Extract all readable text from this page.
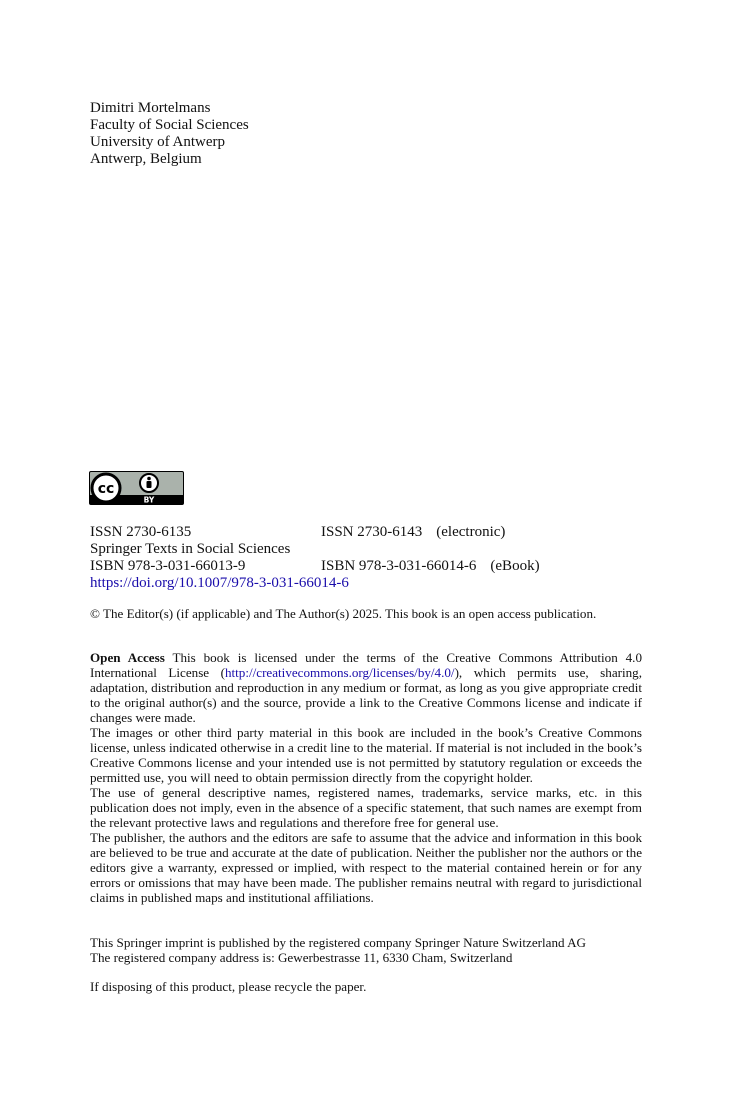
Dimitri Mortelmans
Faculty of Social Sciences
University of Antwerp
Antwerp, Belgium
cc
BY
ISSN 2730-6135	ISSN 2730-6143 (electronic)
Springer Texts in Social Sciences
ISBN 978-3-031-66013-9	ISBN 978-3-031-66014-6 (eBook)
https://doi.org/10.1007/978-3-031-66014-6

© The Editor(s) (if applicable) and The Author(s) 2025. This book is an open access publication.

Open Access This book is licensed under the terms of the Creative Commons Attribution 4.0 International License (http://creativecommons.org/licenses/by/4.0/), which permits use, sharing, adaptation, distribution and reproduction in any medium or format, as long as you give appropriate credit to the original author(s) and the source, provide a link to the Creative Commons license and indicate if changes were made.

The images or other third party material in this book are included in the book’s Creative Commons license, unless indicated otherwise in a credit line to the material. If material is not included in the book’s Creative Commons license and your intended use is not permitted by statutory regulation or exceeds the permitted use, you will need to obtain permission directly from the copyright holder.

The use of general descriptive names, registered names, trademarks, service marks, etc. in this publication does not imply, even in the absence of a specific statement, that such names are exempt from the relevant protective laws and regulations and therefore free for general use.

The publisher, the authors and the editors are safe to assume that the advice and information in this book are believed to be true and accurate at the date of publication. Neither the publisher nor the authors or the editors give a warranty, expressed or implied, with respect to the material contained herein or for any errors or omissions that may have been made. The publisher remains neutral with regard to jurisdictional claims in published maps and institutional affiliations.

This Springer imprint is published by the registered company Springer Nature Switzerland AG

The registered company address is: Gewerbestrasse 11, 6330 Cham, Switzerland

If disposing of this product, please recycle the paper.
